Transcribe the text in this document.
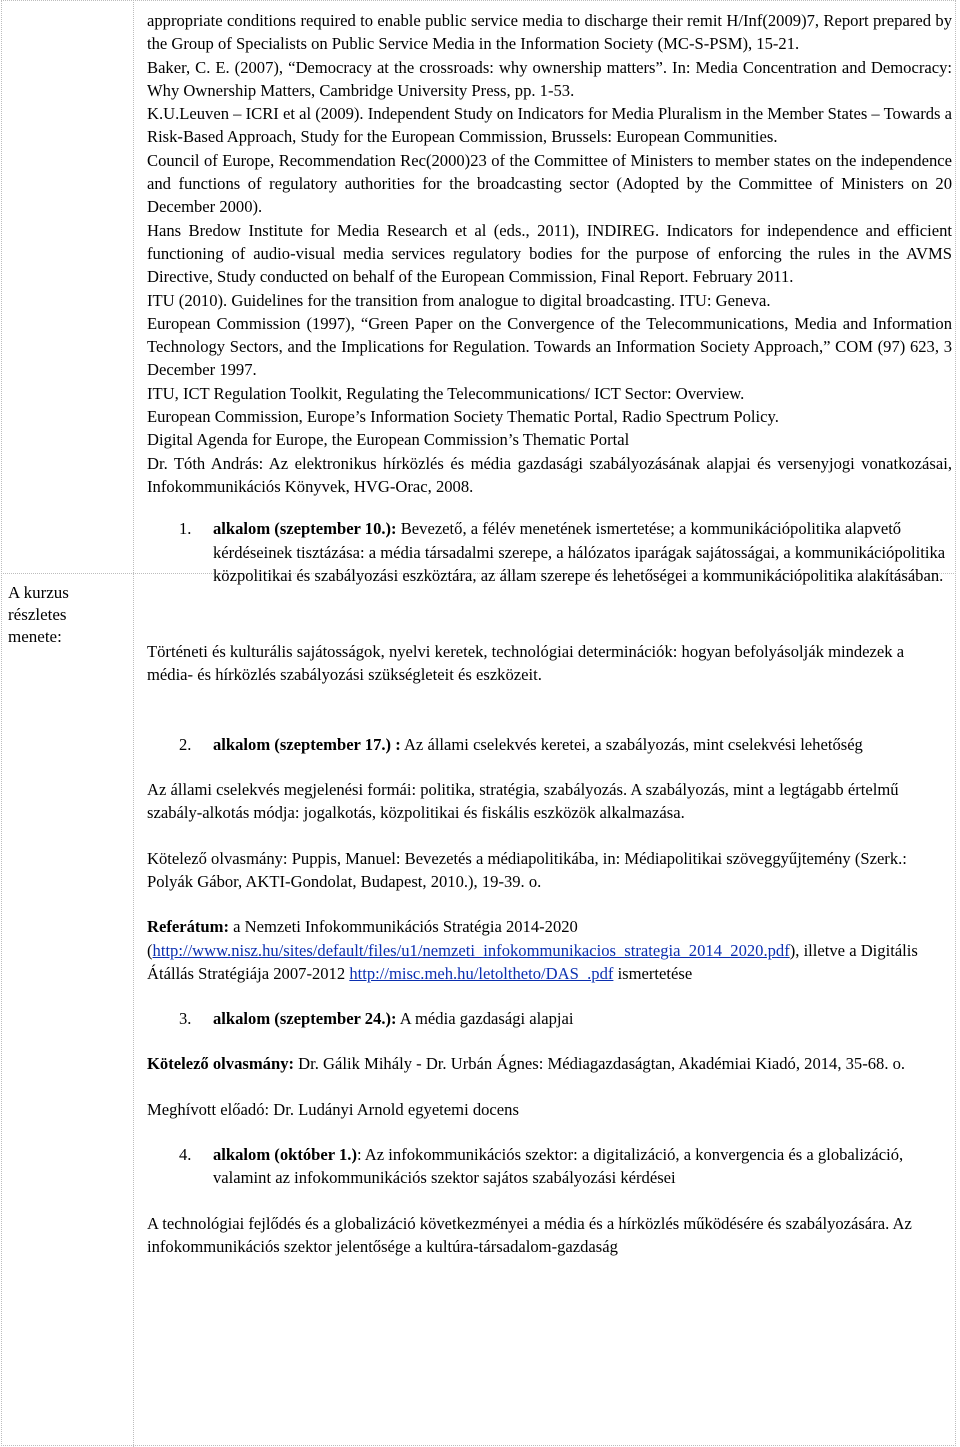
A kurzus
részletes
menete:

appropriate conditions required to enable public service media to discharge their remit H/Inf(2009)7, Report prepared by the Group of Specialists on Public Service Media in the Information Society (MC-S-PSM), 15-21.

Baker, C. E. (2007), “Democracy at the crossroads: why ownership matters”. In: Media Concentration and Democracy: Why Ownership Matters, Cambridge University Press, pp. 1-53.

K.U.Leuven – ICRI et al (2009). Independent Study on Indicators for Media Pluralism in the Member States – Towards a Risk-Based Approach, Study for the European Commission, Brussels: European Communities.

Council of Europe, Recommendation Rec(2000)23 of the Committee of Ministers to member states on the independence and functions of regulatory authorities for the broadcasting sector (Adopted by the Committee of Ministers on 20 December 2000).

Hans Bredow Institute for Media Research et al (eds., 2011), INDIREG. Indicators for independence and efficient functioning of audio-visual media services regulatory bodies for the purpose of enforcing the rules in the AVMS Directive, Study conducted on behalf of the European Commission, Final Report. February 2011.

ITU (2010). Guidelines for the transition from analogue to digital broadcasting. ITU: Geneva.

European Commission (1997), “Green Paper on the Convergence of the Telecommunications, Media and Information Technology Sectors, and the Implications for Regulation. Towards an Information Society Approach,” COM (97) 623, 3 December 1997.

ITU, ICT Regulation Toolkit, Regulating the Telecommunications/ ICT Sector: Overview.

European Commission, Europe’s Information Society Thematic Portal, Radio Spectrum Policy.

Digital Agenda for Europe, the European Commission’s Thematic Portal

Dr. Tóth András: Az elektronikus hírközlés és média gazdasági szabályozásának alapjai és versenyjogi vonatkozásai, Infokommunikációs Könyvek, HVG-Orac, 2008.

1. alkalom (szeptember 10.): Bevezető, a félév menetének ismertetése; a kommunikációpolitika alapvető kérdéseinek tisztázása: a média társadalmi szerepe, a hálózatos iparágak sajátosságai, a kommunikációpolitika közpolitikai és szabályozási eszköztára, az állam szerepe és lehetőségei a kommunikációpolitika alakításában.

Történeti és kulturális sajátosságok, nyelvi keretek, technológiai determinációk: hogyan befolyásolják mindezek a média- és hírközlés szabályozási szükségleteit és eszközeit.

2. alkalom (szeptember 17.) : Az állami cselekvés keretei, a szabályozás, mint cselekvési lehetőség

Az állami cselekvés megjelenési formái: politika, stratégia, szabályozás. A szabályozás, mint a legtágabb értelmű szabály-alkotás módja: jogalkotás, közpolitikai és fiskális eszközök alkalmazása.

Kötelező olvasmány: Puppis, Manuel: Bevezetés a médiapolitikába, in: Médiapolitikai szöveggyűjtemény (Szerk.: Polyák Gábor, AKTI-Gondolat, Budapest, 2010.), 19-39. o.

Referátum: a Nemzeti Infokommunikációs Stratégia 2014-2020 (http://www.nisz.hu/sites/default/files/u1/nemzeti_infokommunikacios_strategia_2014_2020.pdf), illetve a Digitális Átállás Stratégiája 2007-2012 http://misc.meh.hu/letoltheto/DAS_.pdf ismertetése

3. alkalom (szeptember 24.): A média gazdasági alapjai

Kötelező olvasmány: Dr. Gálik Mihály - Dr. Urbán Ágnes: Médiagazdaságtan, Akadémiai Kiadó, 2014, 35-68. o.

Meghívott előadó: Dr. Ludányi Arnold egyetemi docens

4. alkalom (október 1.): Az infokommunikációs szektor: a digitalizáció, a konvergencia és a globalizáció, valamint az infokommunikációs szektor sajátos szabályozási kérdései

A technológiai fejlődés és a globalizáció következményei a média és a hírközlés működésére és szabályozására. Az infokommunikációs szektor jelentősége a kultúra-társadalom-gazdaság
